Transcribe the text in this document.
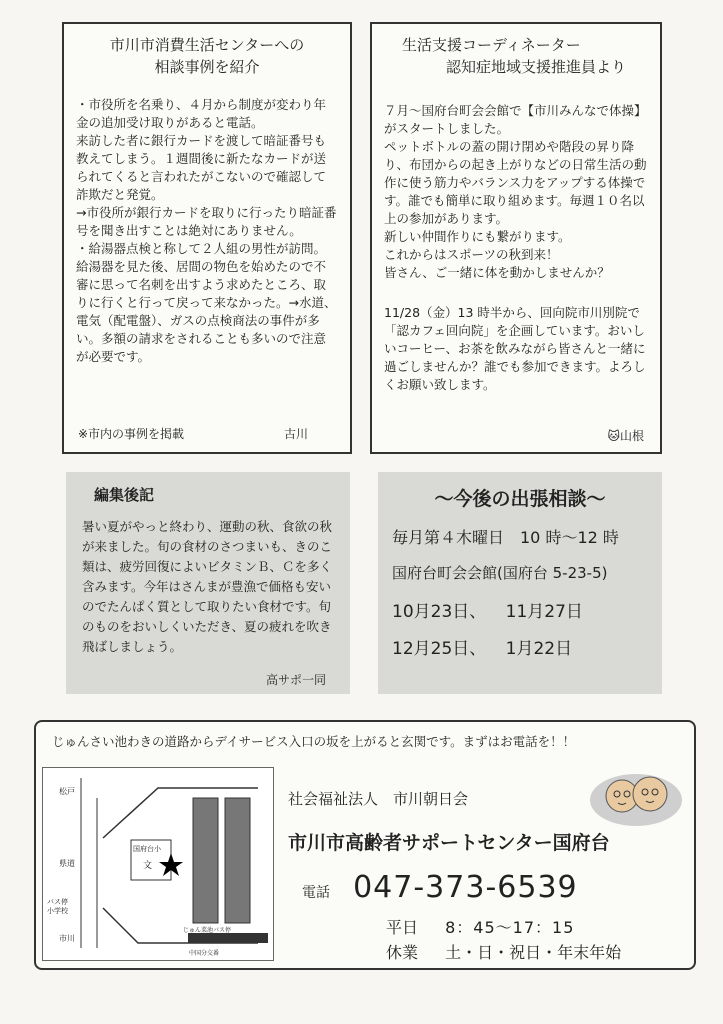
市川市消費生活センターへの

相談事例を紹介

・市役所を名乗り、４月から制度が変わり年金の追加受け取りがあると電話。
来訪した者に銀行カードを渡して暗証番号も教えてしまう。１週間後に新たなカードが送られてくると言われたがこないので確認して詐欺だと発覚。
→市役所が銀行カードを取りに行ったり暗証番号を聞き出すことは絶対にありません。

・給湯器点検と称して２人組の男性が訪問。給湯器を見た後、居間の物色を始めたので不審に思って名刺を出すよう求めたところ、取りに行くと行って戻って来なかった。→水道、電気（配電盤）、ガスの点検商法の事件が多い。多額の請求をされることも多いので注意が必要です。

※市内の事例を掲載	古川

生活支援コーディネーター

認知症地域支援推進員より

７月～国府台町会会館で【市川みんなで体操】がスタートしました。
ペットボトルの蓋の開け閉めや階段の昇り降り、布団からの起き上がりなどの日常生活の動作に使う筋力やバランス力をアップする体操です。誰でも簡単に取り組めます。毎週１０名以上の参加があります。
新しい仲間作りにも繋がります。
これからはスポーツの秋到来！
皆さん、ご一緒に体を動かしませんか？

11/28（金）13 時半から、回向院市川別院で「認カフェ回向院」を企画しています。おいしいコーヒー、お茶を飲みながら皆さんと一緒に過ごしませんか？誰でも参加できます。よろしくお願い致します。

🐱山根

編集後記

暑い夏がやっと終わり、運動の秋、食欲の秋が来ました。旬の食材のさつまいも、きのこ類は、疲労回復によいビタミンＢ、Ｃを多く含みます。今年はさんまが豊漁で価格も安いのでたんぱく質として取りたい食材です。旬のものをおいしくいただき、夏の疲れを吹き飛ばしましょう。

高サポ一同

～今後の出張相談～

毎月第４木曜日　10 時～12 時

国府台町会会館(国府台 5-23-5)

10月23日、 11月27日

12月25日、 1月22日

じゅんさい池わきの道路からデイサービス入口の坂を上がると玄関です。まずはお電話を！！

松戸
県道
バス停
小学校
市川
国府台小
文
じゅん菜池バス停
中国分交番

社会福祉法人　市川朝日会

市川市高齢者サポートセンター国府台

電話 047-373-6539

平日 8：45～17：15

休業 土・日・祝日・年末年始
